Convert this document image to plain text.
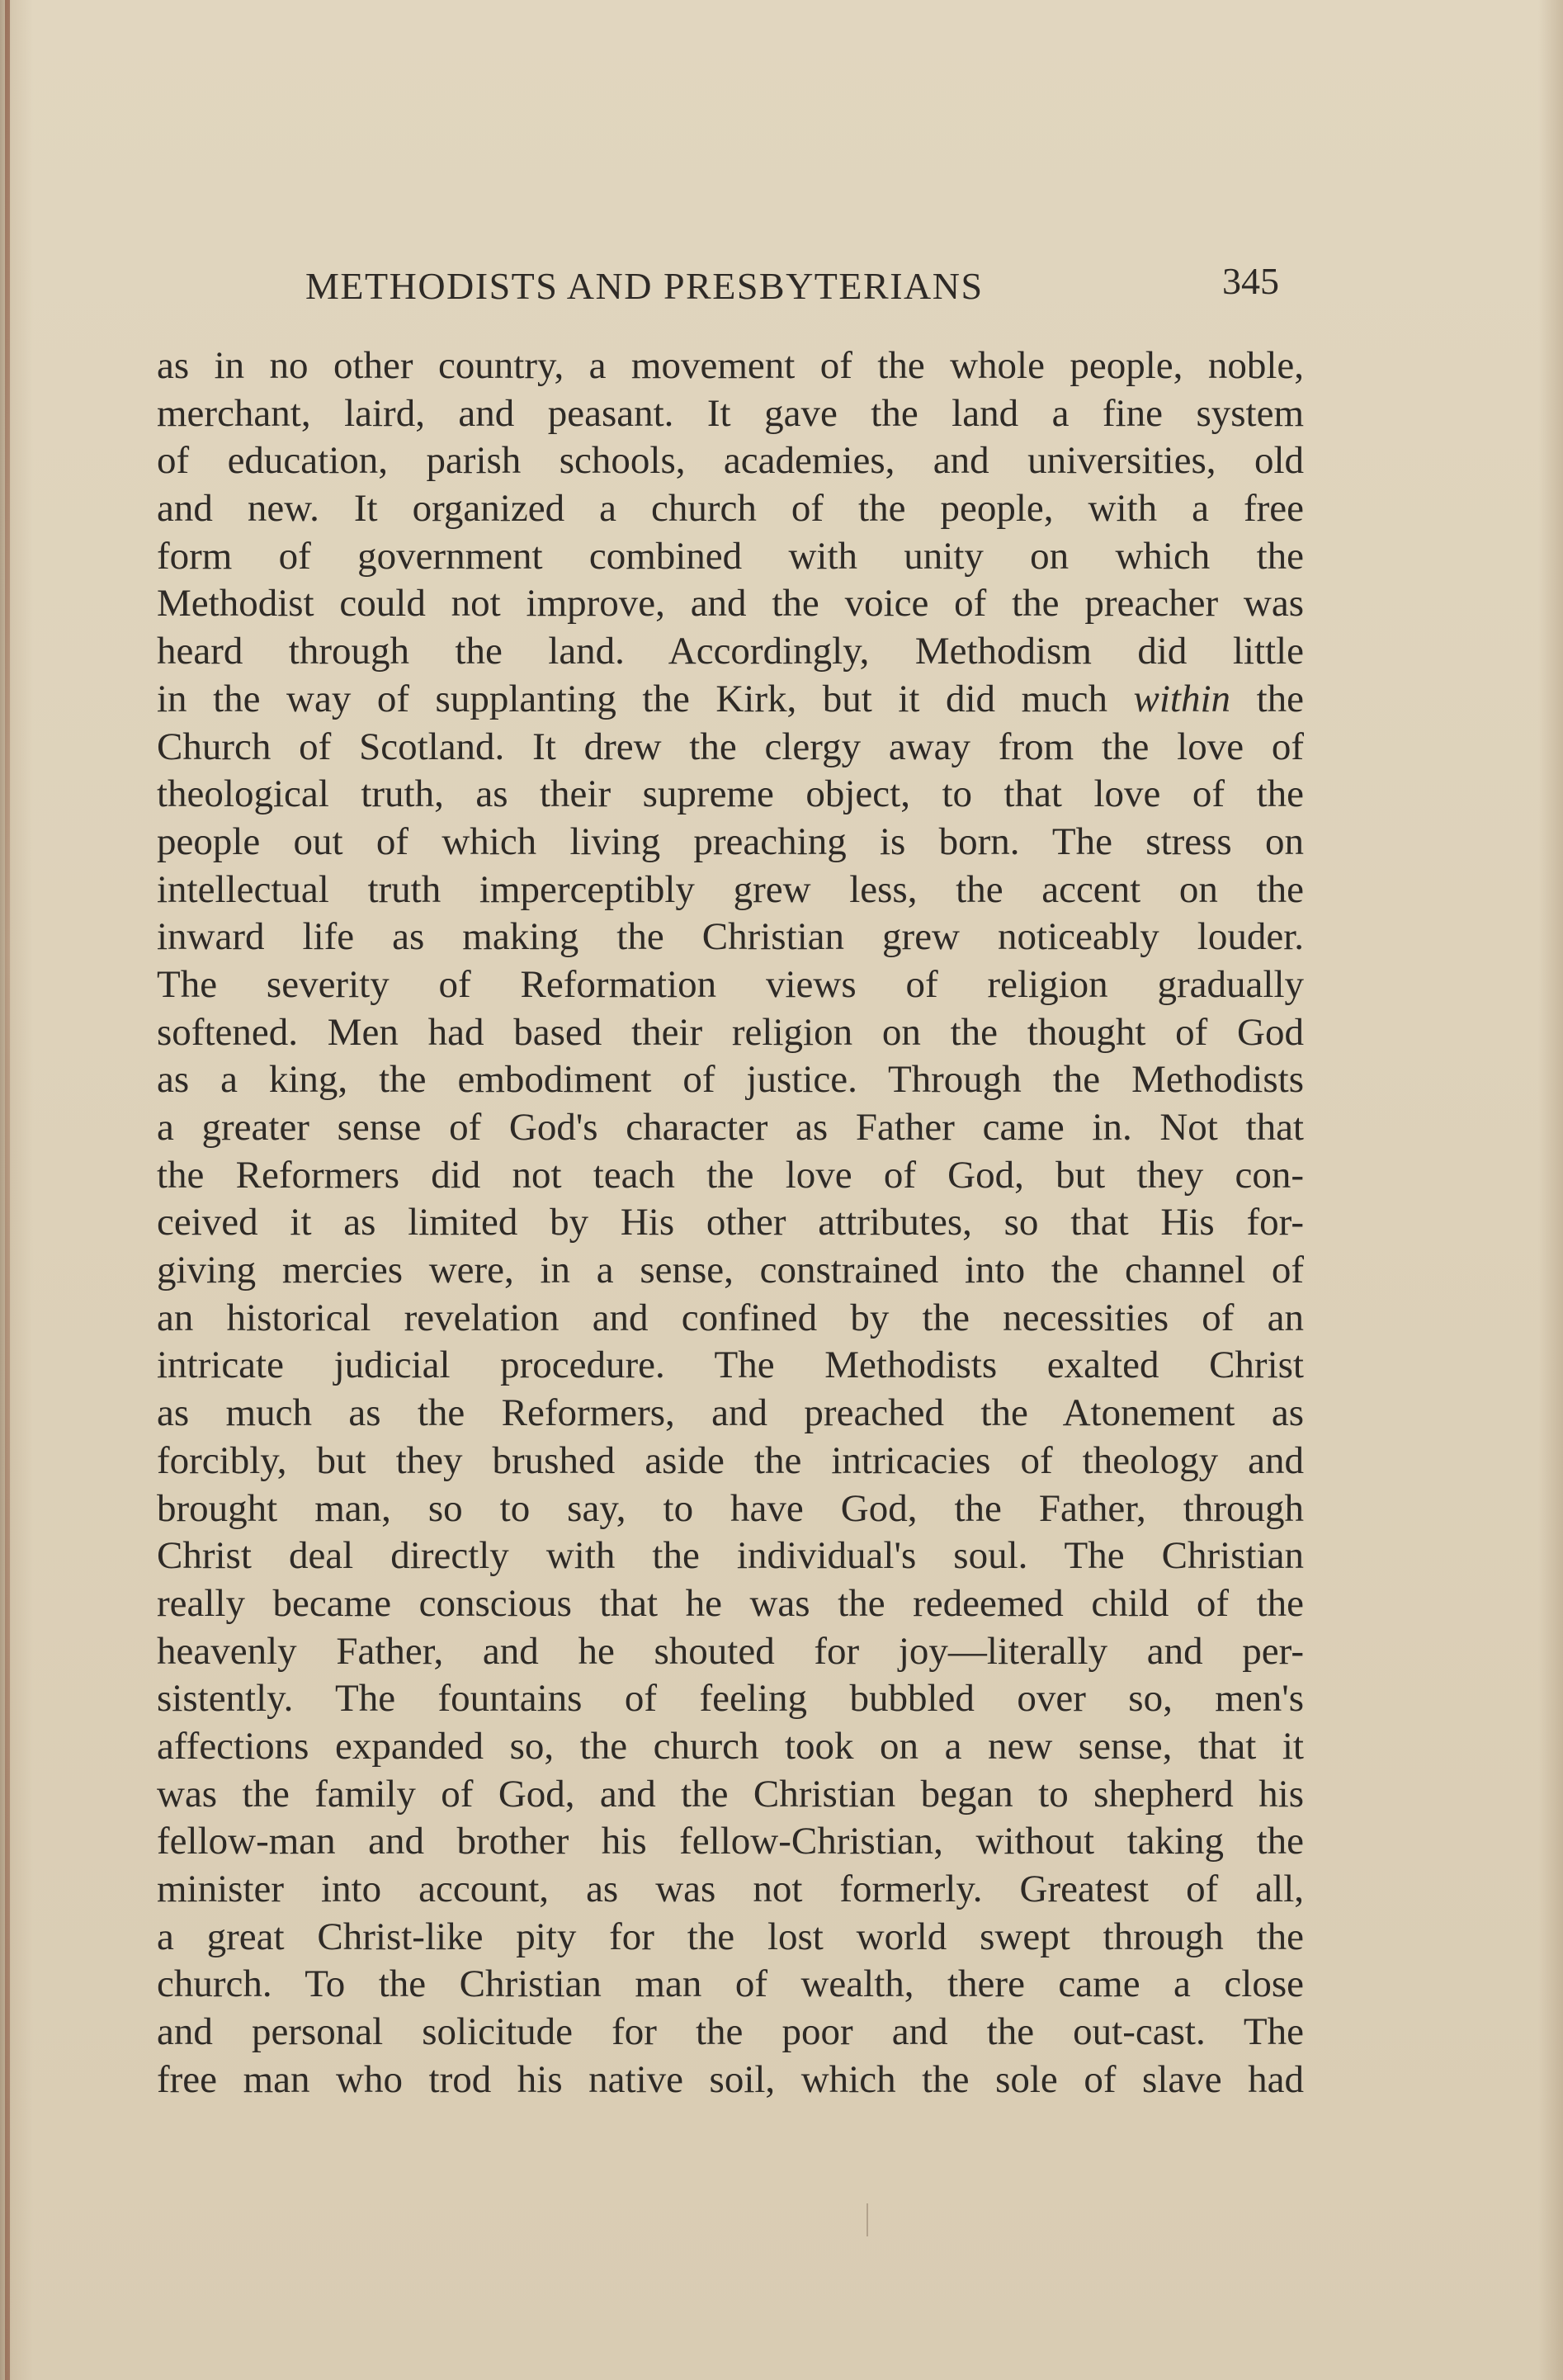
METHODISTS AND PRESBYTERIANS	345
as in no other country, a movement of the whole people, noble,
merchant, laird, and peasant. It gave the land a fine system
of education, parish schools, academies, and universities, old
and new. It organized a church of the people, with a free
form of government combined with unity on which the
Methodist could not improve, and the voice of the preacher was
heard through the land. Accordingly, Methodism did little
in the way of supplanting the Kirk, but it did much within the
Church of Scotland. It drew the clergy away from the love of
theological truth, as their supreme object, to that love of the
people out of which living preaching is born. The stress on
intellectual truth imperceptibly grew less, the accent on the
inward life as making the Christian grew noticeably louder.
The severity of Reformation views of religion gradually
softened. Men had based their religion on the thought of God
as a king, the embodiment of justice. Through the Methodists
a greater sense of God's character as Father came in. Not that
the Reformers did not teach the love of God, but they con-
ceived it as limited by His other attributes, so that His for-
giving mercies were, in a sense, constrained into the channel of
an historical revelation and confined by the necessities of an
intricate judicial procedure. The Methodists exalted Christ
as much as the Reformers, and preached the Atonement as
forcibly, but they brushed aside the intricacies of theology and
brought man, so to say, to have God, the Father, through
Christ deal directly with the individual's soul. The Christian
really became conscious that he was the redeemed child of the
heavenly Father, and he shouted for joy—literally and per-
sistently. The fountains of feeling bubbled over so, men's
affections expanded so, the church took on a new sense, that it
was the family of God, and the Christian began to shepherd his
fellow-man and brother his fellow-Christian, without taking the
minister into account, as was not formerly. Greatest of all,
a great Christ-like pity for the lost world swept through the
church. To the Christian man of wealth, there came a close
and personal solicitude for the poor and the out-cast. The
free man who trod his native soil, which the sole of slave had
